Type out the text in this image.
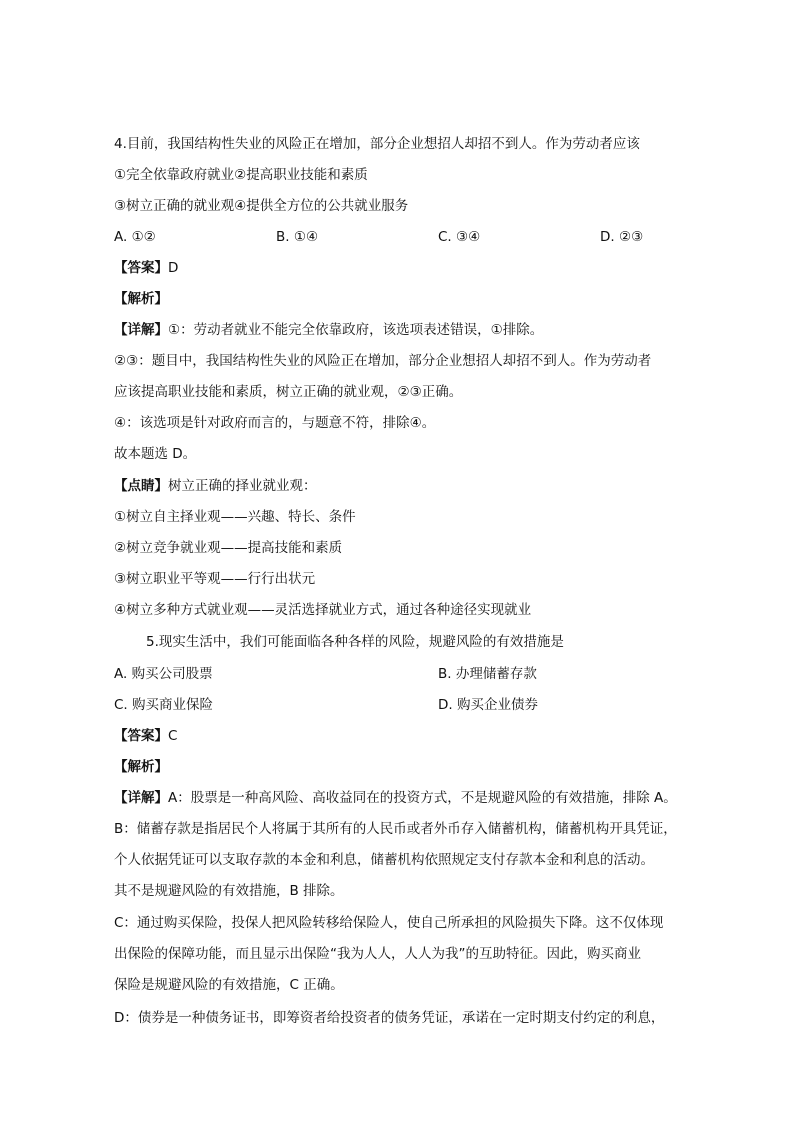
4.目前，我国结构性失业的风险正在增加，部分企业想招人却招不到人。作为劳动者应该
①完全依靠政府就业②提高职业技能和素质
③树立正确的就业观④提供全方位的公共就业服务
A. ①②	B. ①④	C. ③④	D. ②③
【答案】D
【解析】
【详解】①：劳动者就业不能完全依靠政府，该选项表述错误，①排除。
②③：题目中，我国结构性失业的风险正在增加，部分企业想招人却招不到人。作为劳动者
应该提高职业技能和素质，树立正确的就业观，②③正确。
④：该选项是针对政府而言的，与题意不符，排除④。
故本题选 D。
【点睛】树立正确的择业就业观：
①树立自主择业观——兴趣、特长、条件
②树立竞争就业观——提高技能和素质
③树立职业平等观——行行出状元
④树立多种方式就业观——灵活选择就业方式，通过各种途径实现就业
5.现实生活中，我们可能面临各种各样的风险，规避风险的有效措施是
A. 购买公司股票	B. 办理储蓄存款
C. 购买商业保险	D. 购买企业债券
【答案】C
【解析】
【详解】A：股票是一种高风险、高收益同在的投资方式，不是规避风险的有效措施，排除 A。
B：储蓄存款是指居民个人将属于其所有的人民币或者外币存入储蓄机构，储蓄机构开具凭证，
个人依据凭证可以支取存款的本金和利息，储蓄机构依照规定支付存款本金和利息的活动。
其不是规避风险的有效措施，B 排除。
C：通过购买保险，投保人把风险转移给保险人，使自己所承担的风险损失下降。这不仅体现
出保险的保障功能，而且显示出保险“我为人人，人人为我”的互助特征。因此，购买商业
保险是规避风险的有效措施，C 正确。
D：债券是一种债务证书，即筹资者给投资者的债务凭证，承诺在一定时期支付约定的利息，
